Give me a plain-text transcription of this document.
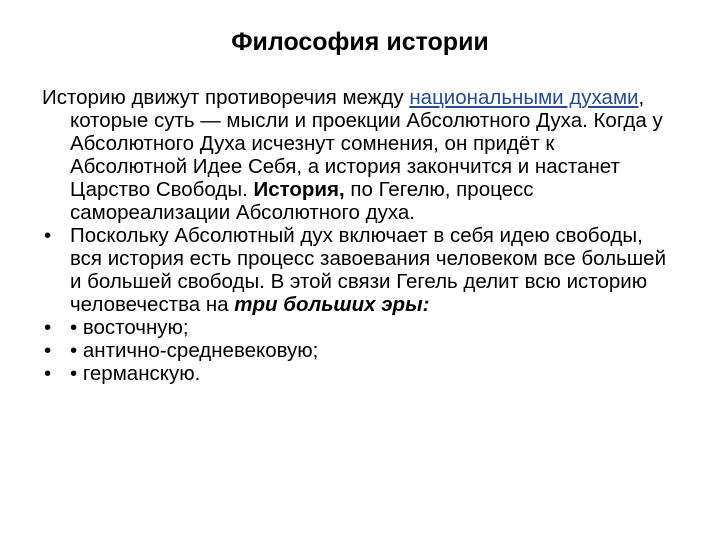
Философия истории

Историю движут противоречия между национальными духами, которые суть — мысли и проекции Абсолютного Духа. Когда у Абсолютного Духа исчезнут сомнения, он придёт к Абсолютной Идее Себя, а история закончится и настанет Царство Свободы. История, по Гегелю, процесс самореализации Абсолютного духа.

• Поскольку Абсолютный дух включает в себя идею свободы, вся история есть процесс завоевания человеком все большей и большей свободы. В этой связи Гегель делит всю историю человечества на три больших эры:

• • восточную;

• • антично-средневековую;

• • германскую.
